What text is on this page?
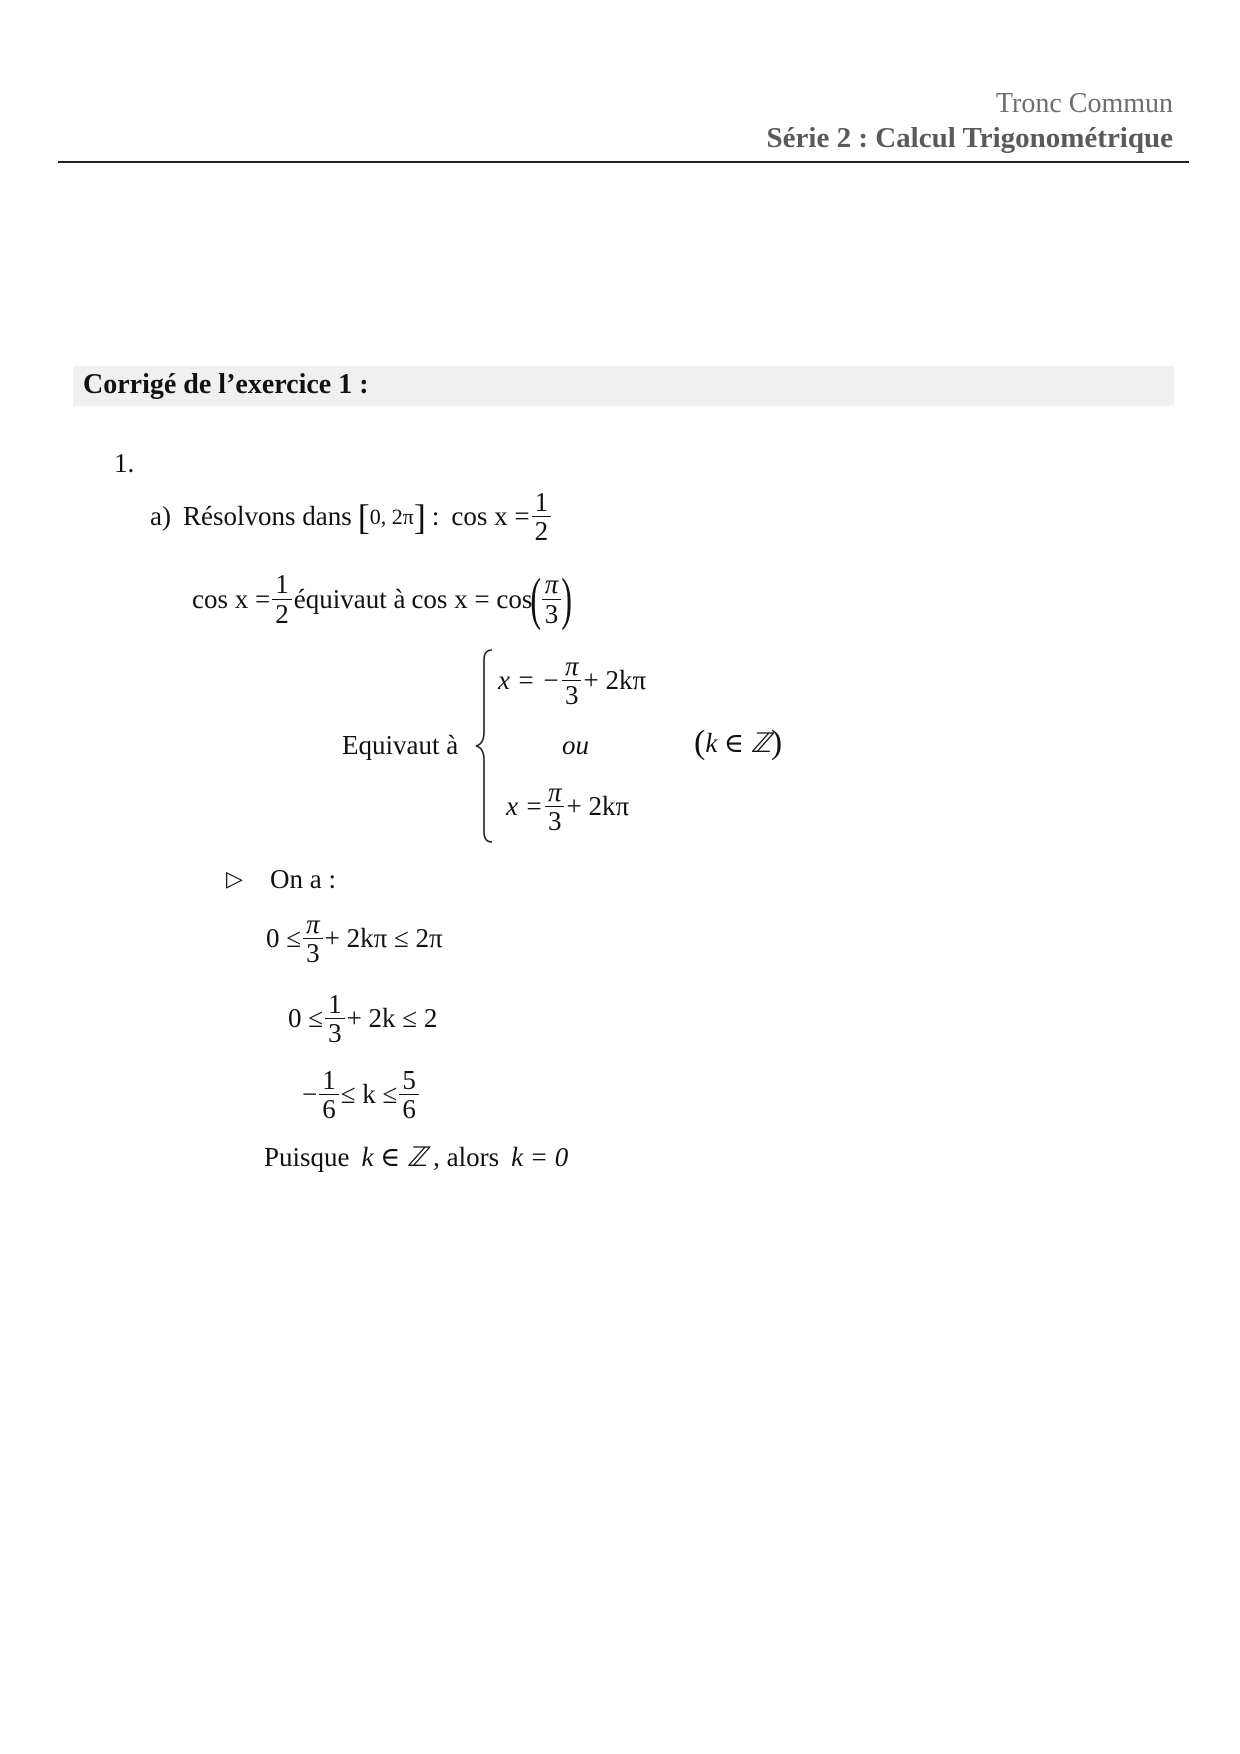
Tronc Commun
Série 2 : Calcul Trigonométrique
Corrigé de l’exercice 1 :
1.
a) Résolvons dans [ 0, 2π ] : $\cos x = \frac{1}{2}$
$\cos x = \frac{1}{2}$ équivaut à cos x = cos
( $\frac{\pi}{3}$ )
Equivaut à
x = − $\frac{\pi}{3} + 2k\pi$
ou
$x = \frac{\pi}{3} + 2k\pi$
( k ∈ ℤ )
▷ On a :
$0 \le \frac{\pi}{3} + 2k\pi \le 2\pi$
$0 \le \frac{1}{3} + 2k \le 2$
− $\frac{1}{6} \le k \le \frac{5}{6}$
Puisque k ∈ ℤ , alors k = 0
